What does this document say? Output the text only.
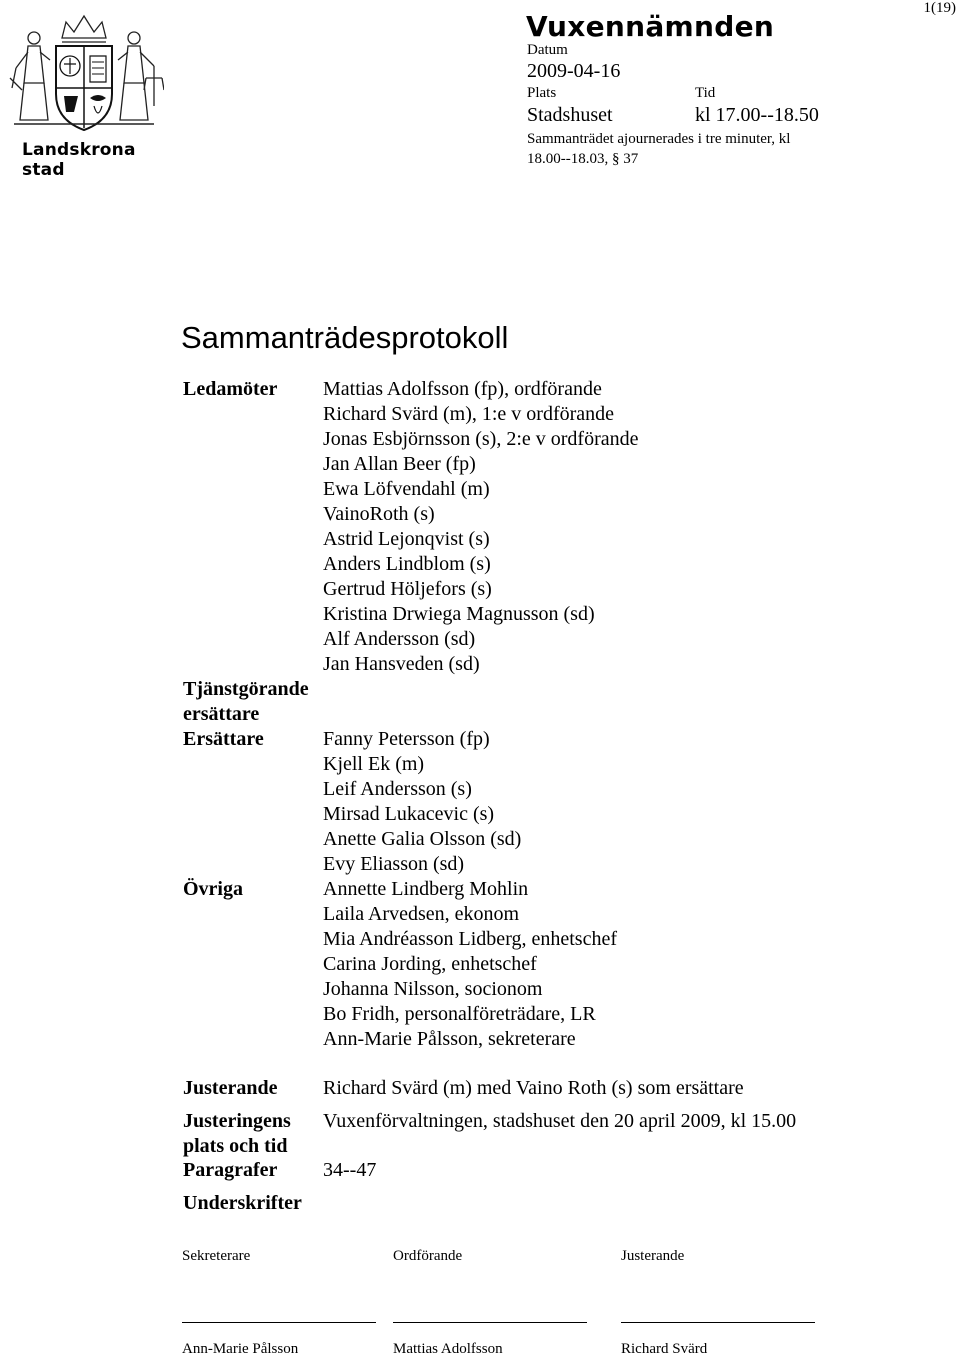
1(19)
Landskrona stad
Vuxennämnden
Datum
2009-04-16
Plats	Tid
Stadshuset	kl 17.00--18.50
Sammanträdet ajournerades i tre minuter, kl
18.00--18.03, § 37
Sammanträdesprotokoll
Ledamöter Mattias Adolfsson (fp), ordförande
Richard Svärd (m), 1:e v ordförande
Jonas Esbjörnsson (s), 2:e v ordförande
Jan Allan Beer (fp)
Ewa Löfvendahl (m)
VainoRoth (s)
Astrid Lejonqvist (s)
Anders Lindblom (s)
Gertrud Höljefors (s)
Kristina Drwiega Magnusson (sd)
Alf Andersson (sd)
Jan Hansveden (sd)
Tjänstgörande
ersättare
Ersättare	Fanny Petersson (fp)
Kjell Ek (m)
Leif Andersson (s)
Mirsad Lukacevic (s)
Anette Galia Olsson (sd)
Evy Eliasson (sd)
Övriga	Annette Lindberg Mohlin
Laila Arvedsen, ekonom
Mia Andréasson Lidberg, enhetschef
Carina Jording, enhetschef
Johanna Nilsson, socionom
Bo Fridh, personalföreträdare, LR
Ann-Marie Pålsson, sekreterare
Justerande Richard Svärd (m) med Vaino Roth (s) som ersättare
Justeringens
plats och tid
Vuxenförvaltningen, stadshuset den 20 april 2009, kl 15.00
Paragrafer 34--47
Underskrifter
Sekreterare	Ordförande	Justerande
Ann-Marie Pålsson	Mattias Adolfsson	Richard Svärd
